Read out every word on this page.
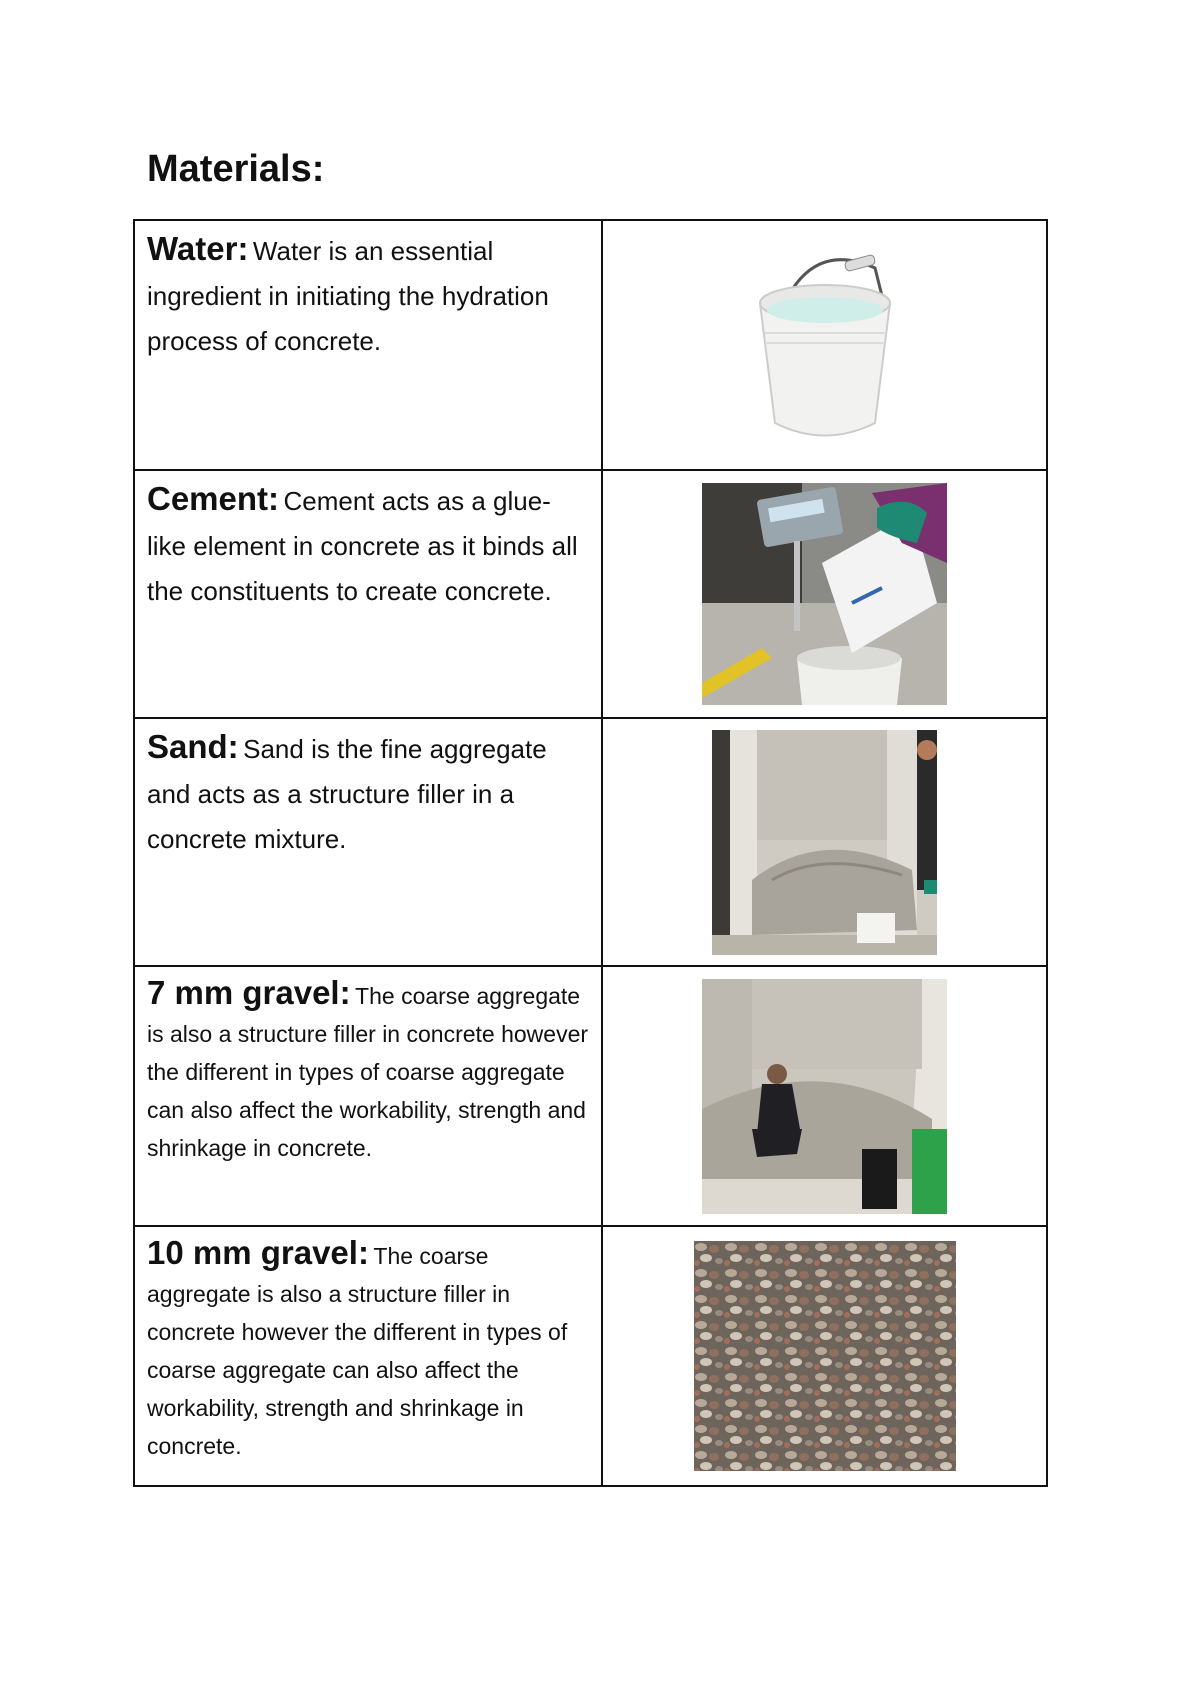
Materials:
Water: Water is an essential ingredient in initiating the hydration process of concrete.

Cement: Cement acts as a glue-like element in concrete as it binds all the constituents to create concrete.

Sand: Sand is the fine aggregate and acts as a structure filler in a concrete mixture.

7 mm gravel: The coarse aggregate is also a structure filler in concrete however the different in types of coarse aggregate can also affect the workability, strength and shrinkage in concrete.

10 mm gravel: The coarse aggregate is also a structure filler in concrete however the different in types of coarse aggregate can also affect the workability, strength and shrinkage in concrete.
